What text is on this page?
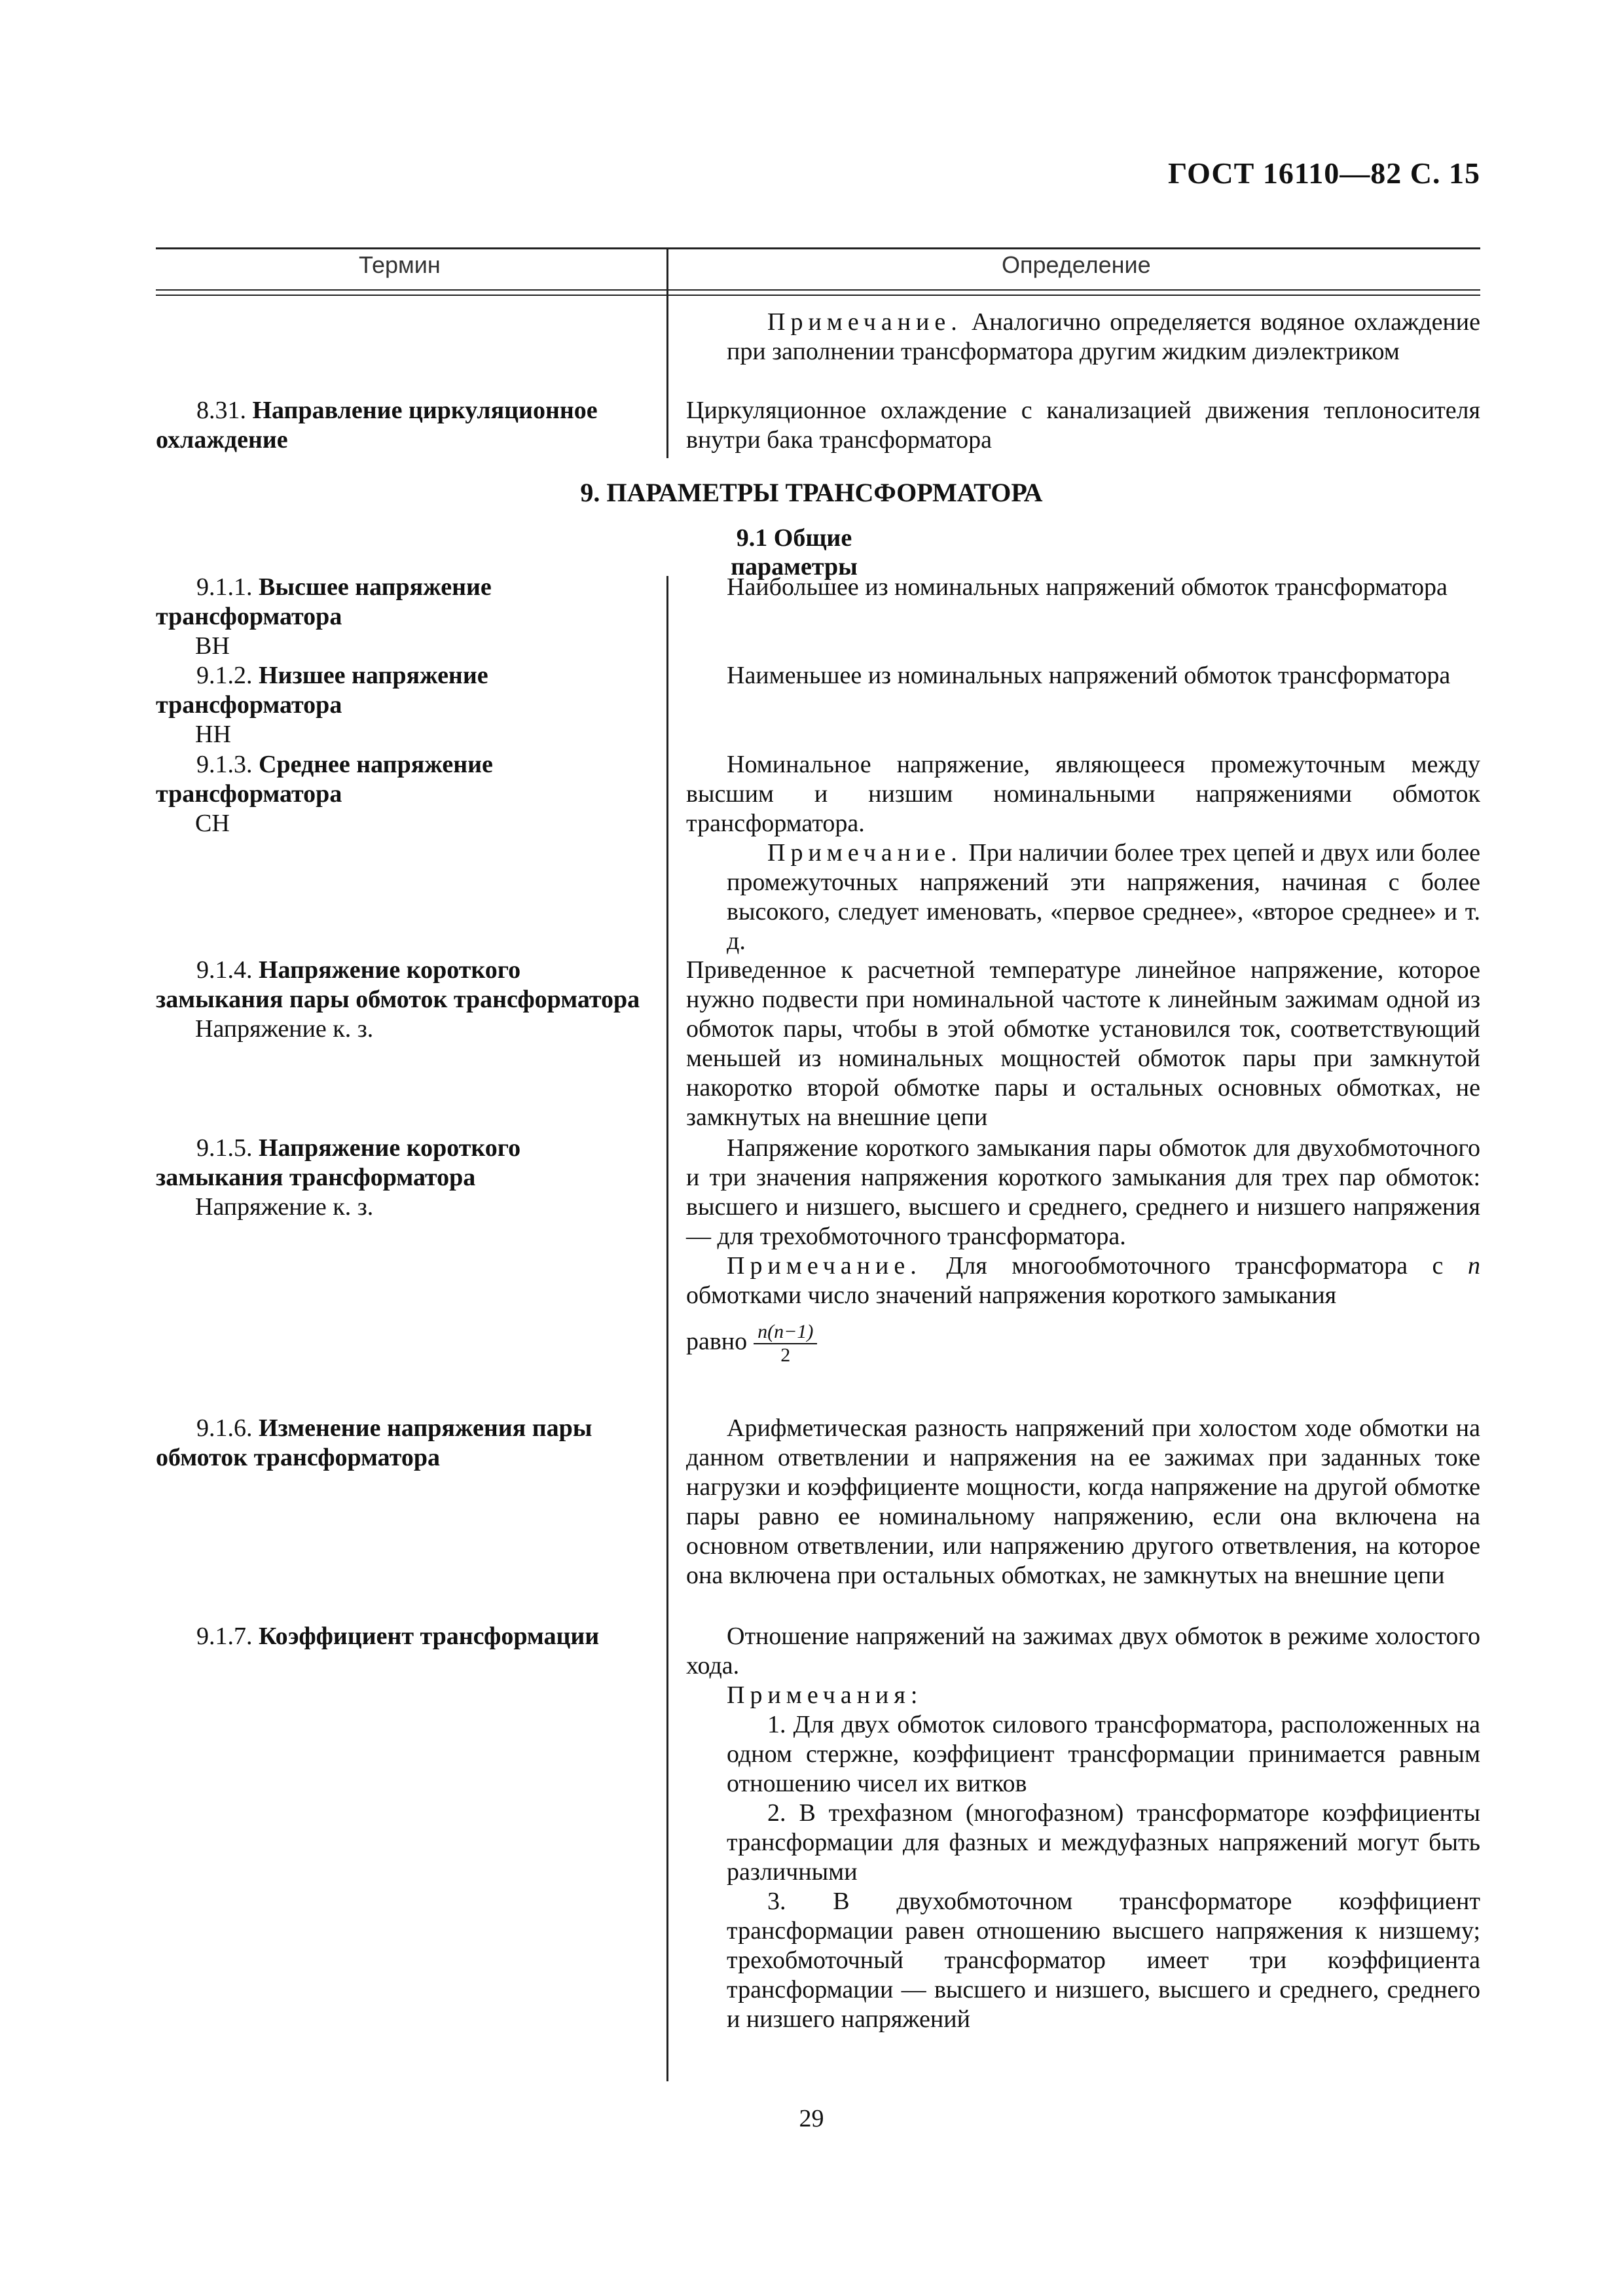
ГОСТ 16110—82 С. 15
Термин	Определение
Примечание. Аналогично определяется водяное охлаждение при заполнении трансформатора другим жидким диэлектриком
8.31. Направление циркуляционное охлаждение
Циркуляционное охлаждение с канализацией движения теплоносителя внутри бака трансформатора
9. ПАРАМЕТРЫ ТРАНСФОРМАТОРА
9.1 Общие параметры
9.1.1. Высшее напряжение трансформатора
ВН
Наибольшее из номинальных напряжений обмоток трансформатора
9.1.2. Низшее напряжение трансформатора
НН
Наименьшее из номинальных напряжений обмоток трансформатора
9.1.3. Среднее напряжение трансформатора
СН
Номинальное напряжение, являющееся промежуточным между высшим и низшим номинальными напряжениями обмоток трансформатора.
Примечание. При наличии более трех цепей и двух или более промежуточных напряжений эти напряжения, начиная с более высокого, следует именовать, «первое среднее», «второе среднее» и т. д.
9.1.4. Напряжение короткого замыкания пары обмоток трансформатора
Напряжение к. з.
Приведенное к расчетной температуре линейное напряжение, которое нужно подвести при номинальной частоте к линейным зажимам одной из обмоток пары, чтобы в этой обмотке установился ток, соответствующий меньшей из номинальных мощностей обмоток пары при замкнутой накоротко второй обмотке пары и остальных основных обмотках, не замкнутых на внешние цепи
9.1.5. Напряжение короткого замыкания трансформатора
Напряжение к. з.
Напряжение короткого замыкания пары обмоток для двухобмоточного и три значения напряжения короткого замыкания для трех пар обмоток: высшего и низшего, высшего и среднего, среднего и низшего напряжения — для трехобмоточного трансформатора.
Примечание. Для многообмоточного трансформатора с n обмотками число значений напряжения короткого замыкания
равно $\frac{n(n-1)}{2}$
9.1.6. Изменение напряжения пары обмоток трансформатора
Арифметическая разность напряжений при холостом ходе обмотки на данном ответвлении и напряжения на ее зажимах при заданных токе нагрузки и коэффициенте мощности, когда напряжение на другой обмотке пары равно ее номинальному напряжению, если она включена на основном ответвлении, или напряжению другого ответвления, на которое она включена при остальных обмотках, не замкнутых на внешние цепи
9.1.7. Коэффициент трансформации	Отношение напряжений на зажимах двух обмоток в режиме холостого хода.
Примечания:
1. Для двух обмоток силового трансформатора, расположенных на одном стержне, коэффициент трансформации принимается равным отношению чисел их витков
2. В трехфазном (многофазном) трансформаторе коэффициенты трансформации для фазных и междуфазных напряжений могут быть различными
3. В двухобмоточном трансформаторе коэффициент трансформации равен отношению высшего напряжения к низшему; трехобмоточный трансформатор имеет три коэффициента трансформации — высшего и низшего, высшего и среднего, среднего и низшего напряжений
29
